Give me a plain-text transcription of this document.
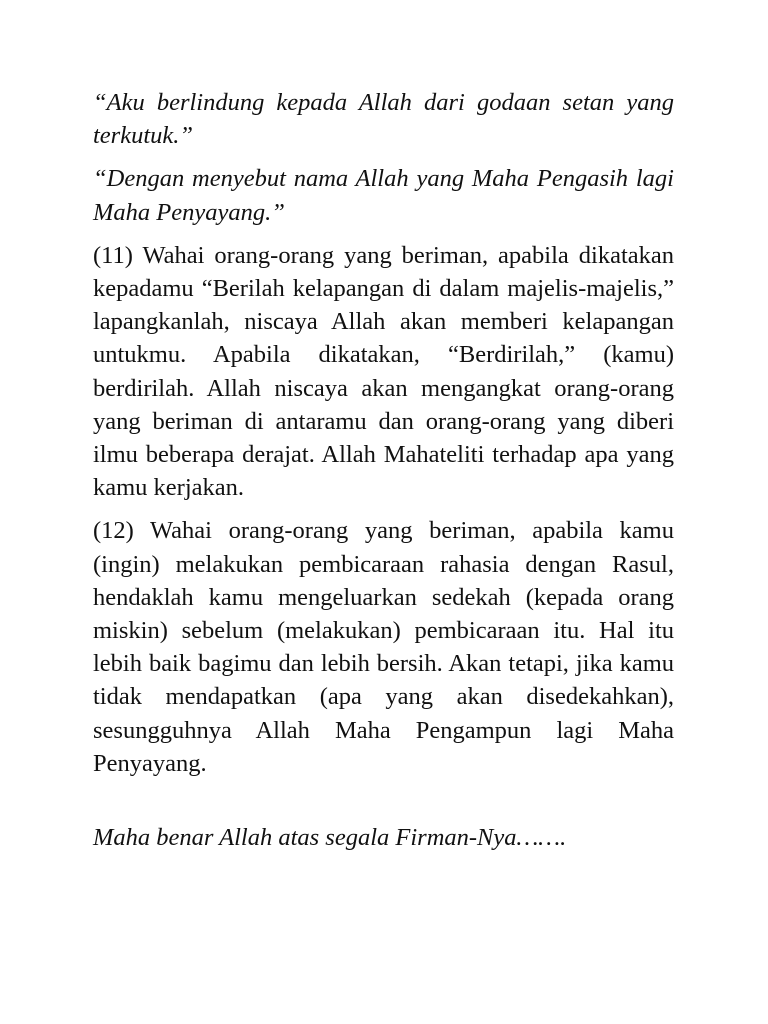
“Aku berlindung kepada Allah dari godaan setan yang terkutuk.”

“Dengan menyebut nama Allah yang Maha Pengasih lagi Maha Penyayang.”

(11) Wahai orang-orang yang beriman, apabila dikatakan kepadamu “Berilah kelapangan di dalam majelis-majelis,” lapangkanlah, niscaya Allah akan memberi kelapangan untukmu. Apabila dikatakan, “Berdirilah,” (kamu) berdirilah. Allah niscaya akan mengangkat orang-orang yang beriman di antaramu dan orang-orang yang diberi ilmu beberapa derajat. Allah Mahateliti terhadap apa yang kamu kerjakan.

(12) Wahai orang-orang yang beriman, apabila kamu (ingin) melakukan pembicaraan rahasia dengan Rasul, hendaklah kamu mengeluarkan sedekah (kepada orang miskin) sebelum (melakukan) pembicaraan itu. Hal itu lebih baik bagimu dan lebih bersih. Akan tetapi, jika kamu tidak mendapatkan (apa yang akan disedekahkan), sesungguhnya Allah Maha Pengampun lagi Maha Penyayang.

Maha benar Allah atas segala Firman-Nya…….
